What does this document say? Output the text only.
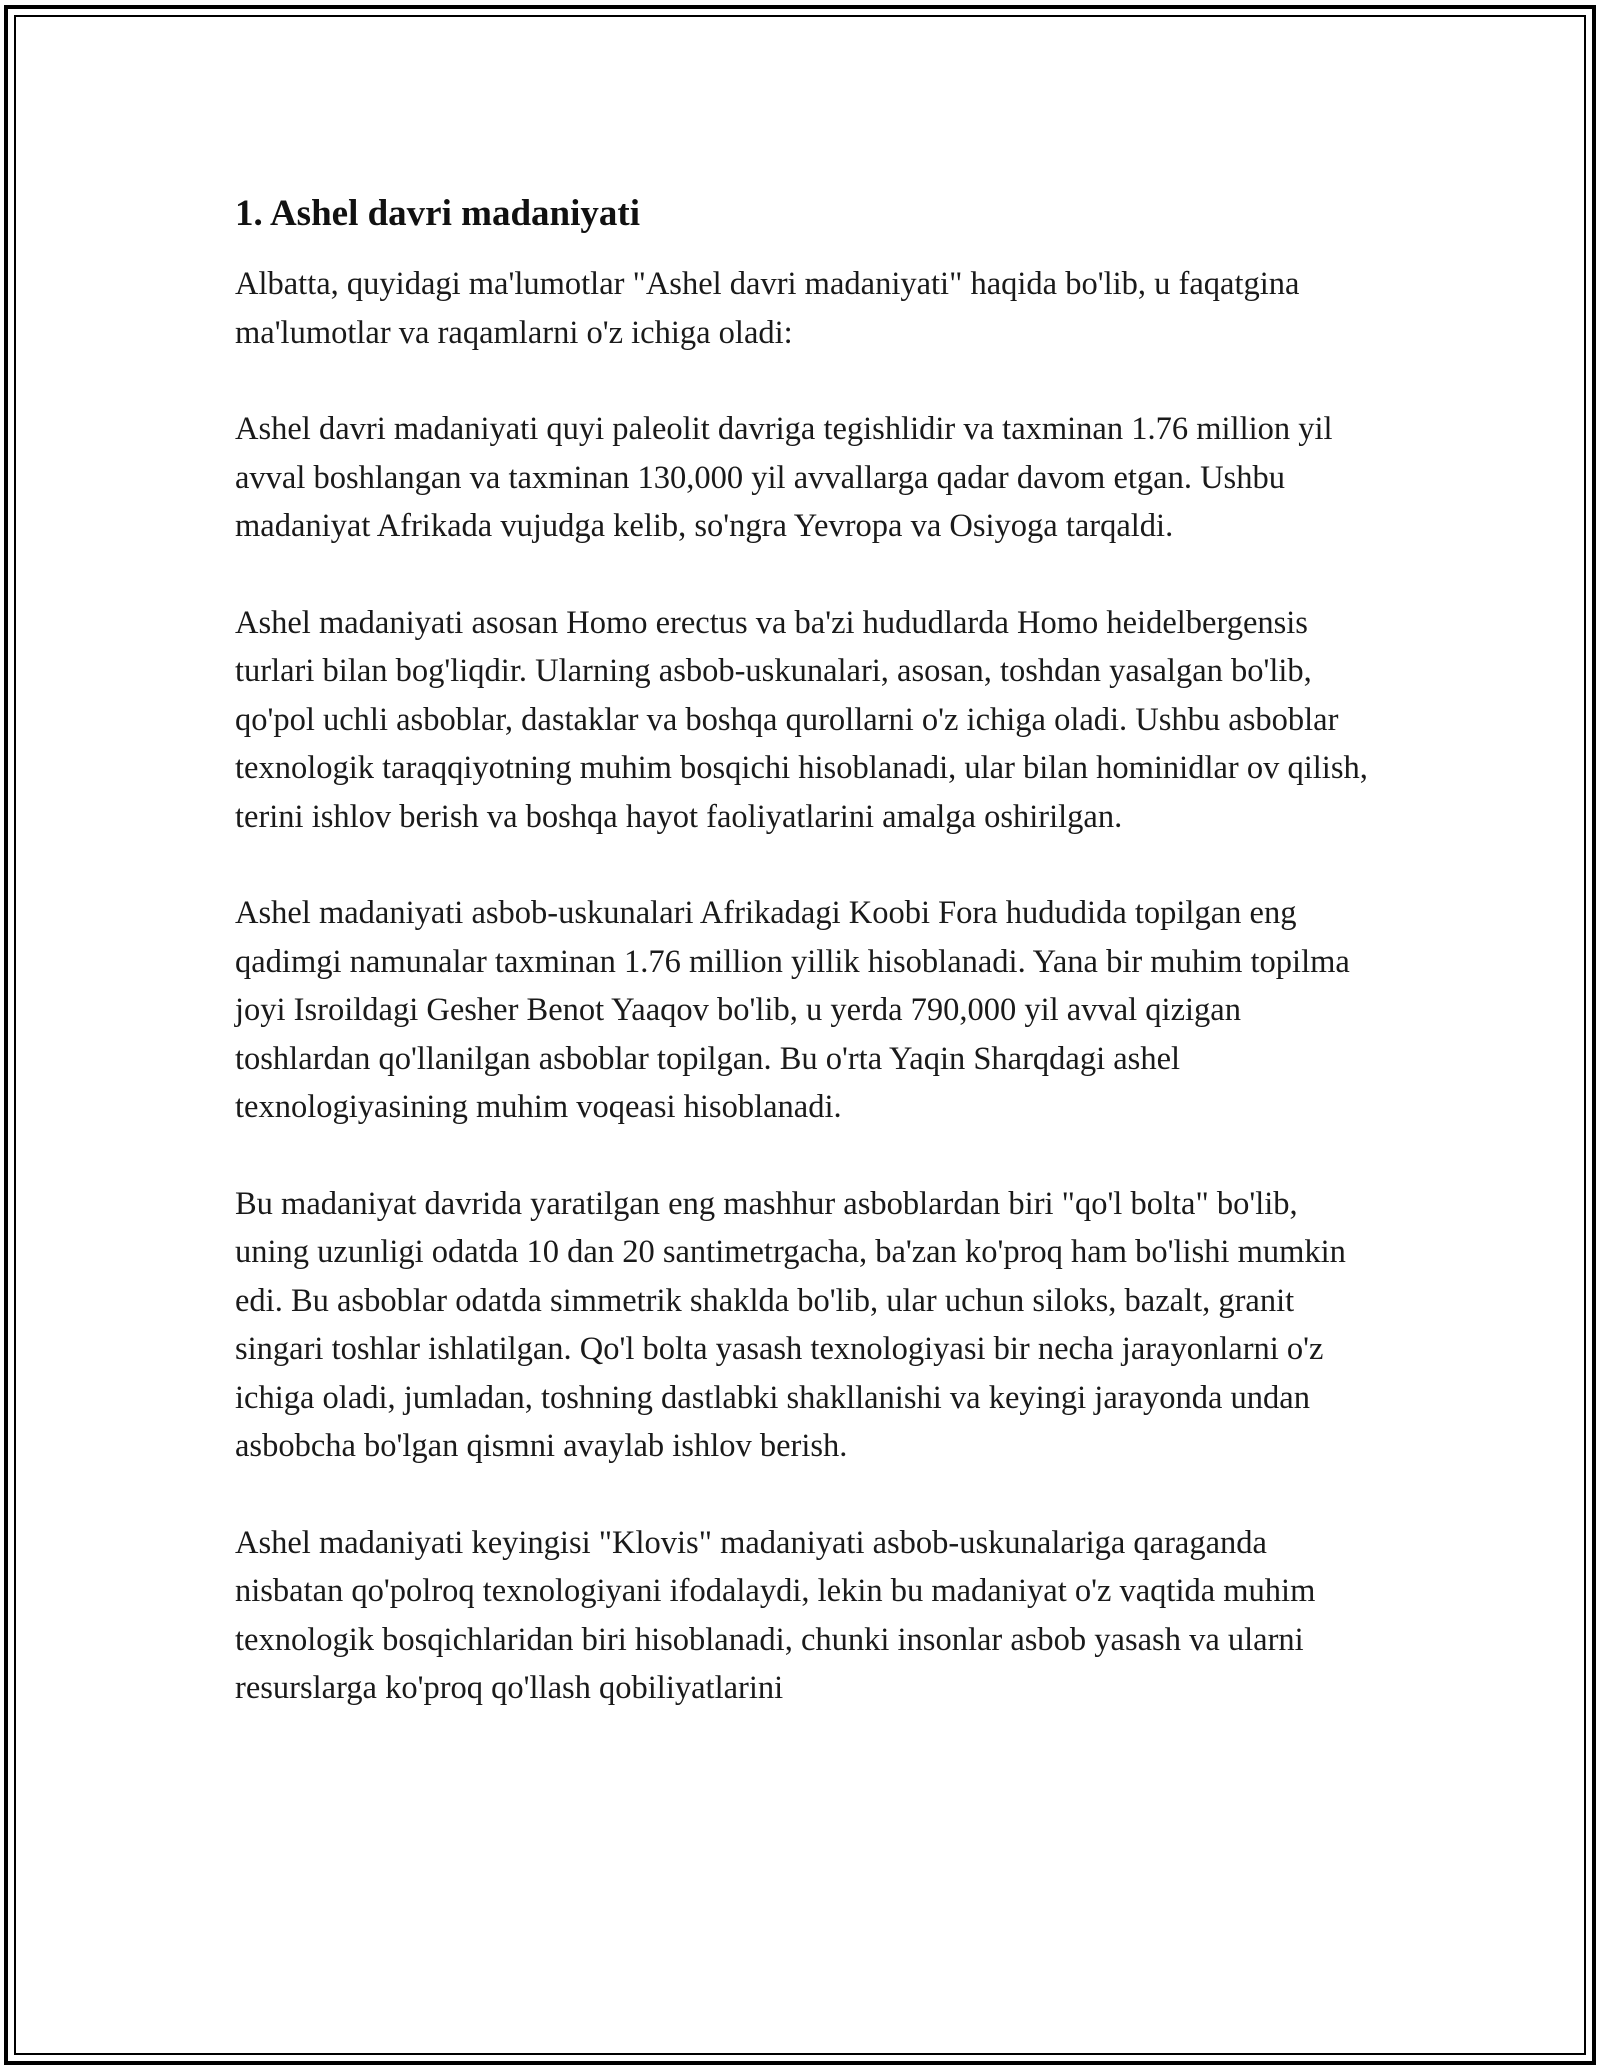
1. Ashel davri madaniyati

Albatta, quyidagi ma'lumotlar "Ashel davri madaniyati" haqida bo'lib, u faqatgina ma'lumotlar va raqamlarni o'z ichiga oladi:

Ashel davri madaniyati quyi paleolit davriga tegishlidir va taxminan 1.76 million yil avval boshlangan va taxminan 130,000 yil avvallarga qadar davom etgan. Ushbu madaniyat Afrikada vujudga kelib, so'ngra Yevropa va Osiyoga tarqaldi.

Ashel madaniyati asosan Homo erectus va ba'zi hududlarda Homo heidelbergensis turlari bilan bog'liqdir. Ularning asbob-uskunalari, asosan, toshdan yasalgan bo'lib, qo'pol uchli asboblar, dastaklar va boshqa qurollarni o'z ichiga oladi. Ushbu asboblar texnologik taraqqiyotning muhim bosqichi hisoblanadi, ular bilan hominidlar ov qilish, terini ishlov berish va boshqa hayot faoliyatlarini amalga oshirilgan.

Ashel madaniyati asbob-uskunalari Afrikadagi Koobi Fora hududida topilgan eng qadimgi namunalar taxminan 1.76 million yillik hisoblanadi. Yana bir muhim topilma joyi Isroildagi Gesher Benot Yaaqov bo'lib, u yerda 790,000 yil avval qizigan toshlardan qo'llanilgan asboblar topilgan. Bu o'rta Yaqin Sharqdagi ashel texnologiyasining muhim voqeasi hisoblanadi.

Bu madaniyat davrida yaratilgan eng mashhur asboblardan biri "qo'l bolta" bo'lib, uning uzunligi odatda 10 dan 20 santimetrgacha, ba'zan ko'proq ham bo'lishi mumkin edi. Bu asboblar odatda simmetrik shaklda bo'lib, ular uchun siloks, bazalt, granit singari toshlar ishlatilgan. Qo'l bolta yasash texnologiyasi bir necha jarayonlarni o'z ichiga oladi, jumladan, toshning dastlabki shakllanishi va keyingi jarayonda undan asbobcha bo'lgan qismni avaylab ishlov berish.

Ashel madaniyati keyingisi "Klovis" madaniyati asbob-uskunalariga qaraganda nisbatan qo'polroq texnologiyani ifodalaydi, lekin bu madaniyat o'z vaqtida muhim texnologik bosqichlaridan biri hisoblanadi, chunki insonlar asbob yasash va ularni resurslarga ko'proq qo'llash qobiliyatlarini
